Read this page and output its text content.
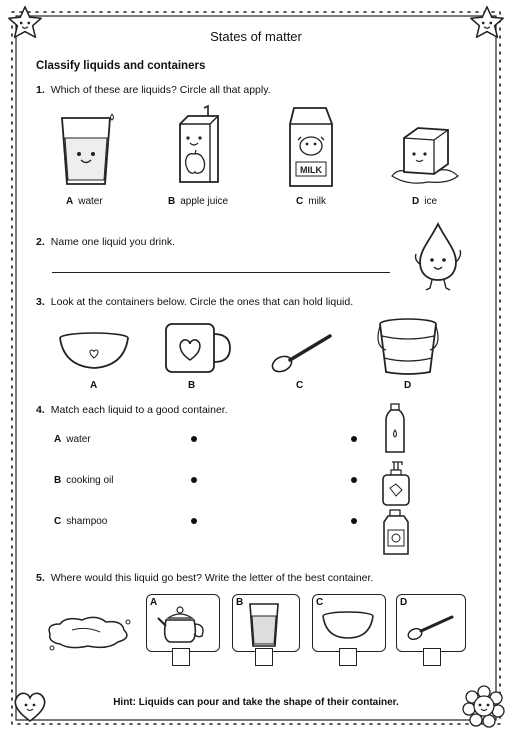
States of matter
Classify liquids and containers
1. Which of these are liquids? Circle all that apply.
A water	B apple juice
MILK
C milk	D ice
2. Name one liquid you drink.
3. Look at the containers below. Circle the ones that can hold liquid.
A	B	C	D
4. Match each liquid to a good container.
A water
B cooking oil
C shampoo
5. Where would this liquid go best? Write the letter of the best container.
A	B	C	D
Hint: Liquids can pour and take the shape of their container.
